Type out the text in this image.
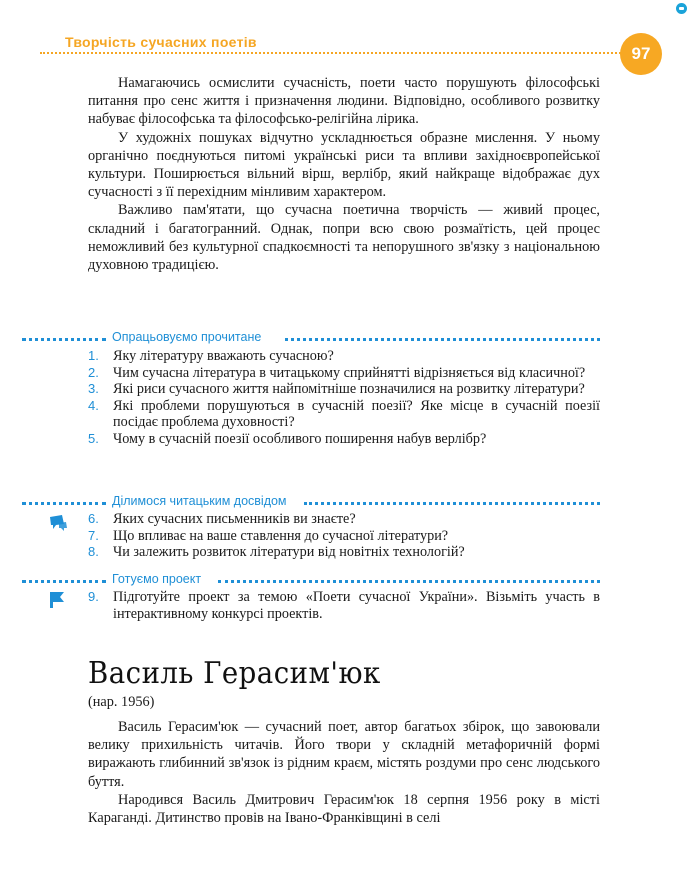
Творчість сучасних поетів
97

Намагаючись осмислити сучасність, поети часто порушують філософські питання про сенс життя і призначення людини. Відповідно, особливого розвитку набуває філософська та філософсько-релігійна лірика.

У художніх пошуках відчутно ускладнюється образне мислення. У ньому органічно поєднуються питомі українські риси та впливи західноєвропейської культури. Поширюється вільний вірш, верлібр, який найкраще відображає дух сучасності з її перехідним мінливим характером.

Важливо пам'ятати, що сучасна поетична творчість — живий процес, складний і багатогранний. Однак, попри всю свою розмаїтість, цей процес неможливий без культурної спадкоємності та непорушного зв'язку з національною духовною традицією.

Опрацьовуємо прочитане
1. Яку літературу вважають сучасною?
2. Чим сучасна література в читацькому сприйнятті відрізняється від класичної?
3. Які риси сучасного життя найпомітніше позначилися на розвитку літератури?
4. Які проблеми порушуються в сучасній поезії? Яке місце в сучасній поезії посідає проблема духовності?
5. Чому в сучасній поезії особливого поширення набув верлібр?
Ділимося читацьким досвідом
6. Яких сучасних письменників ви знаєте?
7. Що впливає на ваше ставлення до сучасної літератури?
8. Чи залежить розвиток літератури від новітніх технологій?
Готуємо проект
9. Підготуйте проект за темою «Поети сучасної України». Візьміть участь в інтерактивному конкурсі проектів.
Василь Герасим'юк
(нар. 1956)

Василь Герасим'юк — сучасний поет, автор багатьох збірок, що завоювали велику прихильність читачів. Його твори у складній метафоричній формі виражають глибинний зв'язок із рідним краєм, містять роздуми про сенс людського буття.

Народився Василь Дмитрович Герасим'юк 18 серпня 1956 року в місті Караганді. Дитинство провів на Івано-Франківщині в селі
